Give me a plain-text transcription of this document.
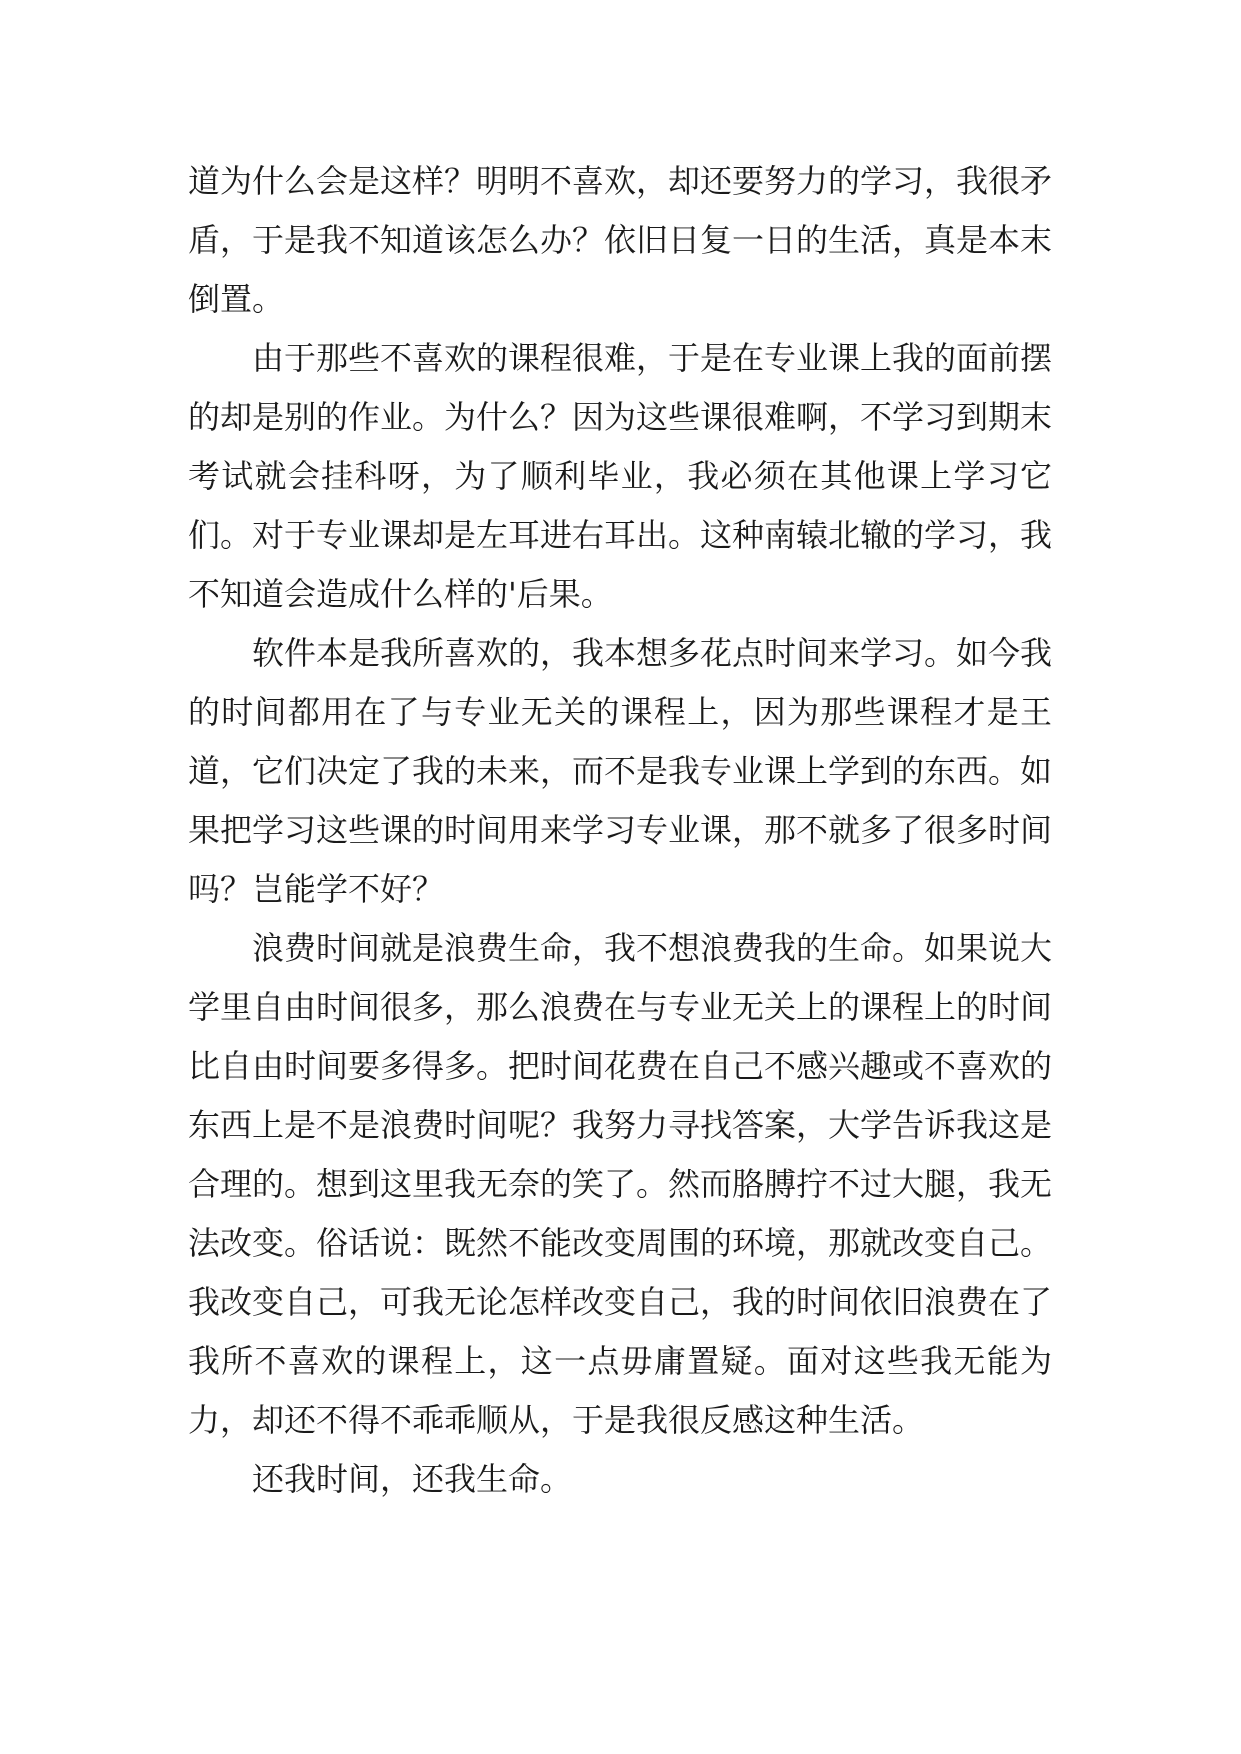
道为什么会是这样？明明不喜欢，却还要努力的学习，我很矛盾，于是我不知道该怎么办？依旧日复一日的生活，真是本末倒置。

由于那些不喜欢的课程很难，于是在专业课上我的面前摆的却是别的作业。为什么？因为这些课很难啊，不学习到期末考试就会挂科呀，为了顺利毕业，我必须在其他课上学习它们。对于专业课却是左耳进右耳出。这种南辕北辙的学习，我不知道会造成什么样的'后果。

软件本是我所喜欢的，我本想多花点时间来学习。如今我的时间都用在了与专业无关的课程上，因为那些课程才是王道，它们决定了我的未来，而不是我专业课上学到的东西。如果把学习这些课的时间用来学习专业课，那不就多了很多时间吗？岂能学不好？

浪费时间就是浪费生命，我不想浪费我的生命。如果说大学里自由时间很多，那么浪费在与专业无关上的课程上的时间比自由时间要多得多。把时间花费在自己不感兴趣或不喜欢的东西上是不是浪费时间呢？我努力寻找答案，大学告诉我这是合理的。想到这里我无奈的笑了。然而胳膊拧不过大腿，我无法改变。俗话说：既然不能改变周围的环境，那就改变自己。我改变自己，可我无论怎样改变自己，我的时间依旧浪费在了我所不喜欢的课程上，这一点毋庸置疑。面对这些我无能为力，却还不得不乖乖顺从，于是我很反感这种生活。

还我时间，还我生命。
